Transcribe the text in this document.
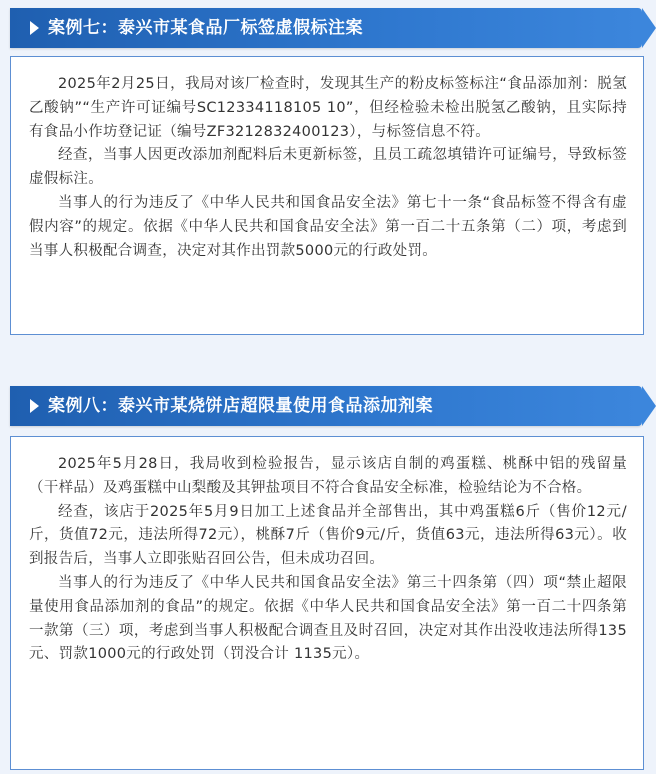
案例七：泰兴市某食品厂标签虚假标注案

2025年2月25日，我局对该厂检查时，发现其生产的粉皮标签标注“食品添加剂：脱氢乙酸钠”“生产许可证编号SC12334118105 10”，但经检验未检出脱氢乙酸钠，且实际持有食品小作坊登记证（编号ZF3212832400123），与标签信息不符。

经查，当事人因更改添加剂配料后未更新标签，且员工疏忽填错许可证编号，导致标签虚假标注。

当事人的行为违反了《中华人民共和国食品安全法》第七十一条“食品标签不得含有虚假内容”的规定。依据《中华人民共和国食品安全法》第一百二十五条第（二）项，考虑到当事人积极配合调查，决定对其作出罚款5000元的行政处罚。

案例八：泰兴市某烧饼店超限量使用食品添加剂案

2025年5月28日，我局收到检验报告，显示该店自制的鸡蛋糕、桃酥中铝的残留量（干样品）及鸡蛋糕中山梨酸及其钾盐项目不符合食品安全标准，检验结论为不合格。

经查，该店于2025年5月9日加工上述食品并全部售出，其中鸡蛋糕6斤（售价12元/斤，货值72元，违法所得72元），桃酥7斤（售价9元/斤，货值63元，违法所得63元）。收到报告后，当事人立即张贴召回公告，但未成功召回。

当事人的行为违反了《中华人民共和国食品安全法》第三十四条第（四）项“禁止超限量使用食品添加剂的食品”的规定。依据《中华人民共和国食品安全法》第一百二十四条第一款第（三）项，考虑到当事人积极配合调查且及时召回，决定对其作出没收违法所得135元、罚款1000元的行政处罚（罚没合计 1135元）。
